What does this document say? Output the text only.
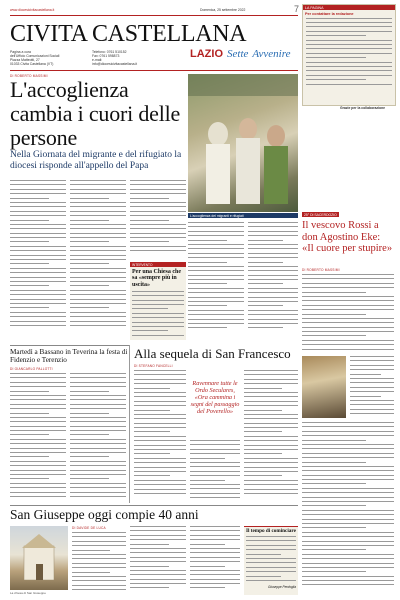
www.diocesicivitacastellana.it	Domenica, 25 settembre 2022	7
CIVITA CASTELLANA
Pagina a cura
dell'Ufficio Comunicazioni Sociali
Piazza Matteotti, 27
01033 Civita Castellana (VT)
Telefono: 0761 510152
Fax: 0761 598873
e-mail:
info@diocesicivitacastellana.it
LAZIO Sette Avvenire
LA PAGINA
Per contattare la redazione
Grazie per la collaborazione
DI ROBERTO MASSIMI
L'accoglienza cambia i cuori delle persone
Nella Giornata del migrante e del rifugiato la diocesi risponde all'appello del Papa
L'accoglienza dei migranti e rifugiati
INTERVENTO
Per una Chiesa che sa «sempre più in uscita»
25° DI SACERDOZIO
Il vescovo Rossi a don Agostino Eke: «Il cuore per stupire»
DI ROBERTO MASSIMI
Martedì a Bassano in Teverina la festa di Fidenzio e Terenzio
DI GIANCARLO PALLOTTI
Alla sequela di San Francesco
DI STEFANO FANCELLI
Ravennare tutte le Ordo Seculares, «Ora cammina i segni del passaggio del Poverello»
San Giuseppe oggi compie 40 anni
La chiesa di San Giuseppe
DI DAVIDE DE LUCA	Il tempo di cominciare
Giuseppe Perdoglia
